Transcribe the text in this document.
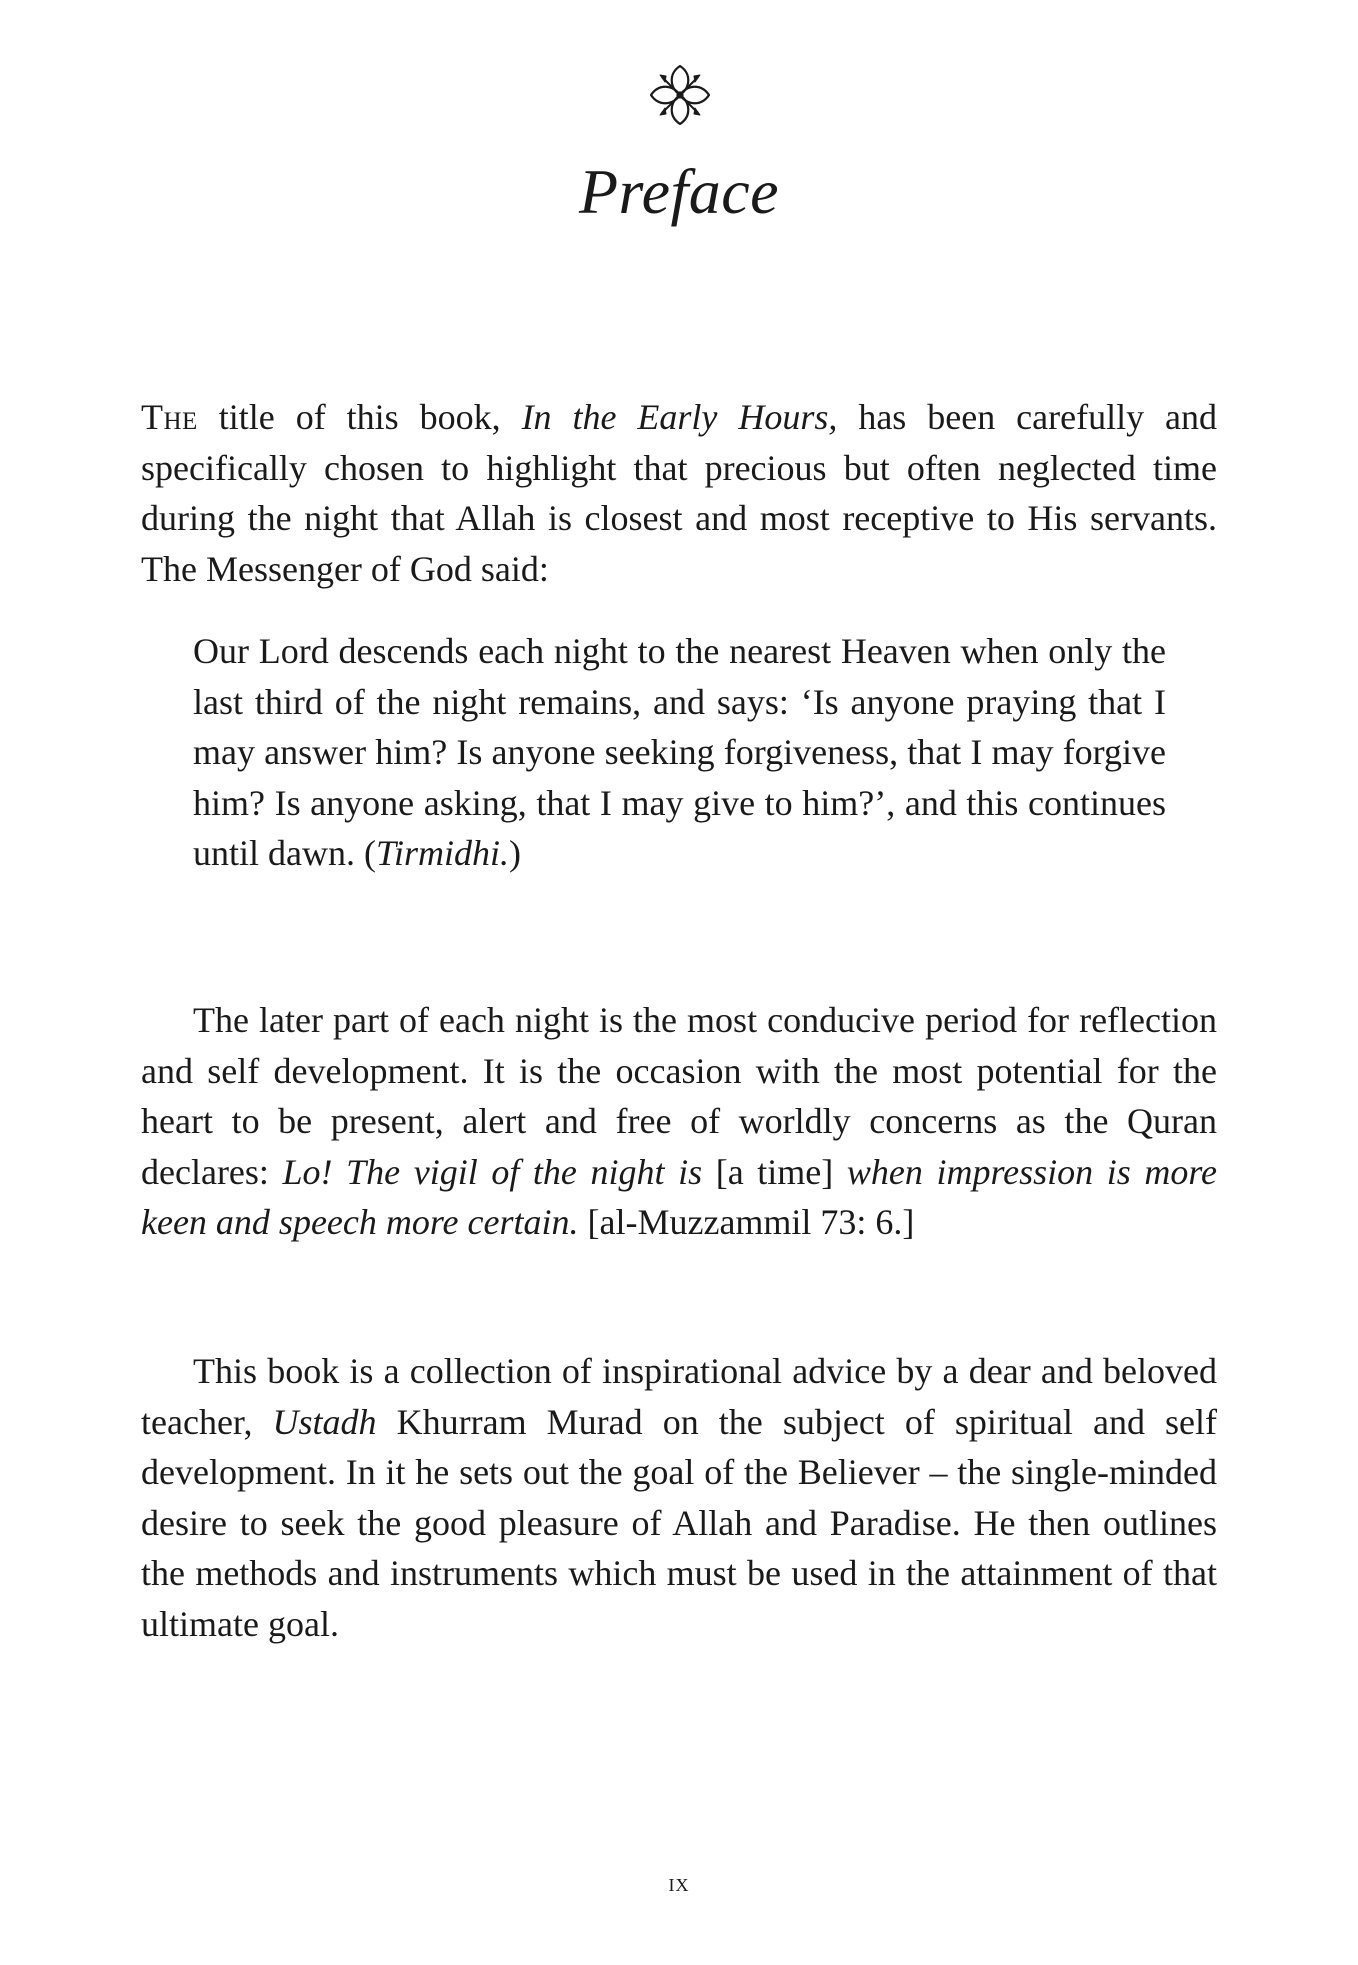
Preface

The title of this book, In the Early Hours, has been carefully and specifically chosen to highlight that precious but often neglected time during the night that Allah is closest and most receptive to His servants. The Messenger of God said:

Our Lord descends each night to the nearest Heaven when only the last third of the night remains, and says: ‘Is anyone praying that I may answer him? Is anyone seeking forgiveness, that I may forgive him? Is anyone asking, that I may give to him?’, and this continues until dawn. (Tirmidhi.)

The later part of each night is the most conducive period for reflection and self development. It is the occasion with the most potential for the heart to be present, alert and free of worldly concerns as the Quran declares: Lo! The vigil of the night is [a time] when impression is more keen and speech more certain. [al-Muzzammil 73: 6.]

This book is a collection of inspirational advice by a dear and beloved teacher, Ustadh Khurram Murad on the subject of spiritual and self development. In it he sets out the goal of the Believer – the single-minded desire to seek the good pleasure of Allah and Paradise. He then outlines the methods and instruments which must be used in the attainment of that ultimate goal.

ix
